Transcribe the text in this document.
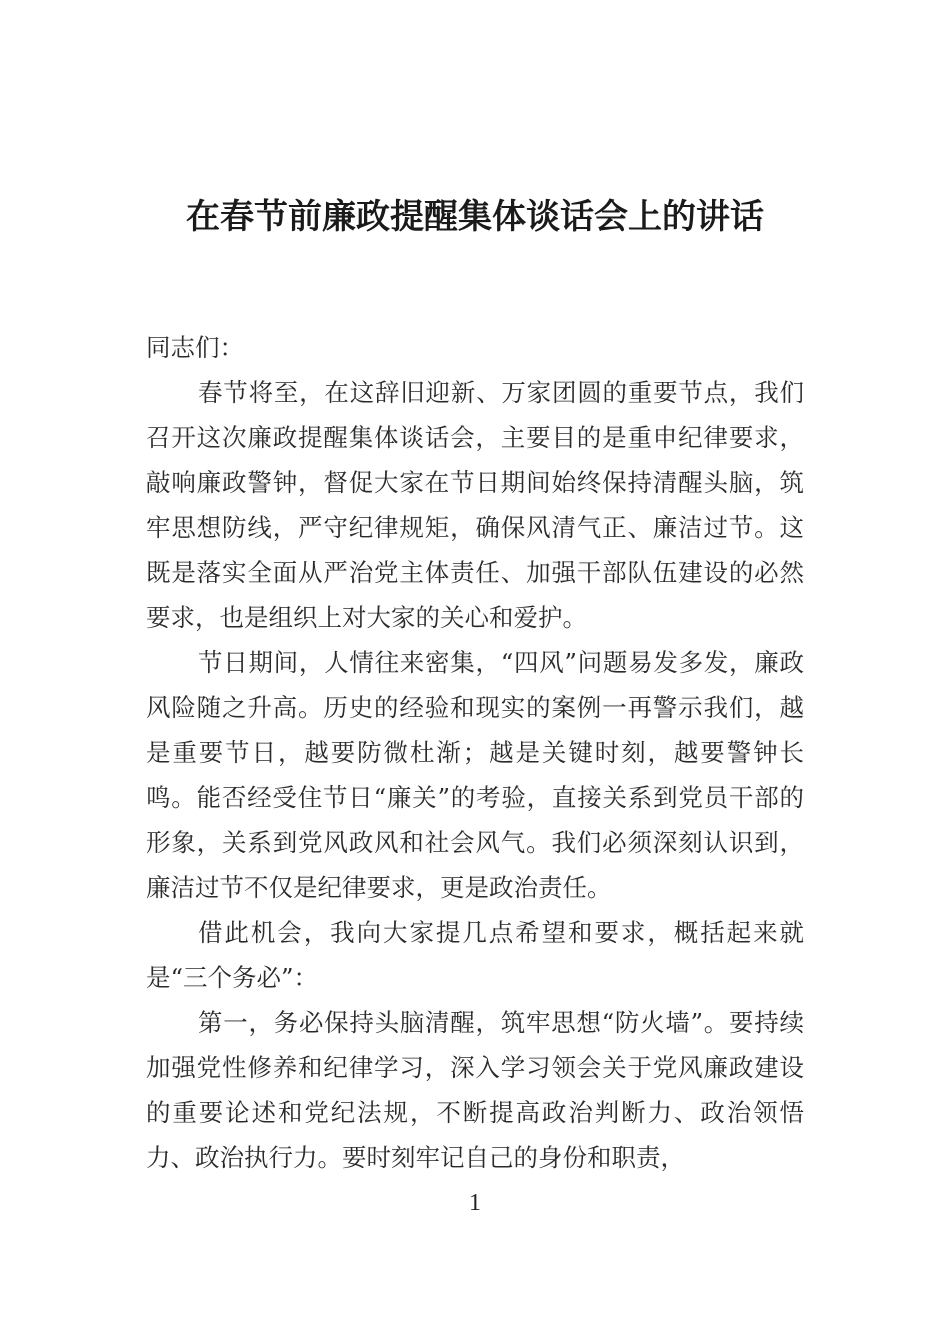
在春节前廉政提醒集体谈话会上的讲话

同志们：

春节将至，在这辞旧迎新、万家团圆的重要节点，我们召开这次廉政提醒集体谈话会，主要目的是重申纪律要求，敲响廉政警钟，督促大家在节日期间始终保持清醒头脑，筑牢思想防线，严守纪律规矩，确保风清气正、廉洁过节。这既是落实全面从严治党主体责任、加强干部队伍建设的必然要求，也是组织上对大家的关心和爱护。

节日期间，人情往来密集，“四风”问题易发多发，廉政风险随之升高。历史的经验和现实的案例一再警示我们，越是重要节日，越要防微杜渐；越是关键时刻，越要警钟长鸣。能否经受住节日“廉关”的考验，直接关系到党员干部的形象，关系到党风政风和社会风气。我们必须深刻认识到，廉洁过节不仅是纪律要求，更是政治责任。

借此机会，我向大家提几点希望和要求，概括起来就是“三个务必”：

第一，务必保持头脑清醒，筑牢思想“防火墙”。要持续加强党性修养和纪律学习，深入学习领会关于党风廉政建设的重要论述和党纪法规，不断提高政治判断力、政治领悟力、政治执行力。要时刻牢记自己的身份和职责，

1
